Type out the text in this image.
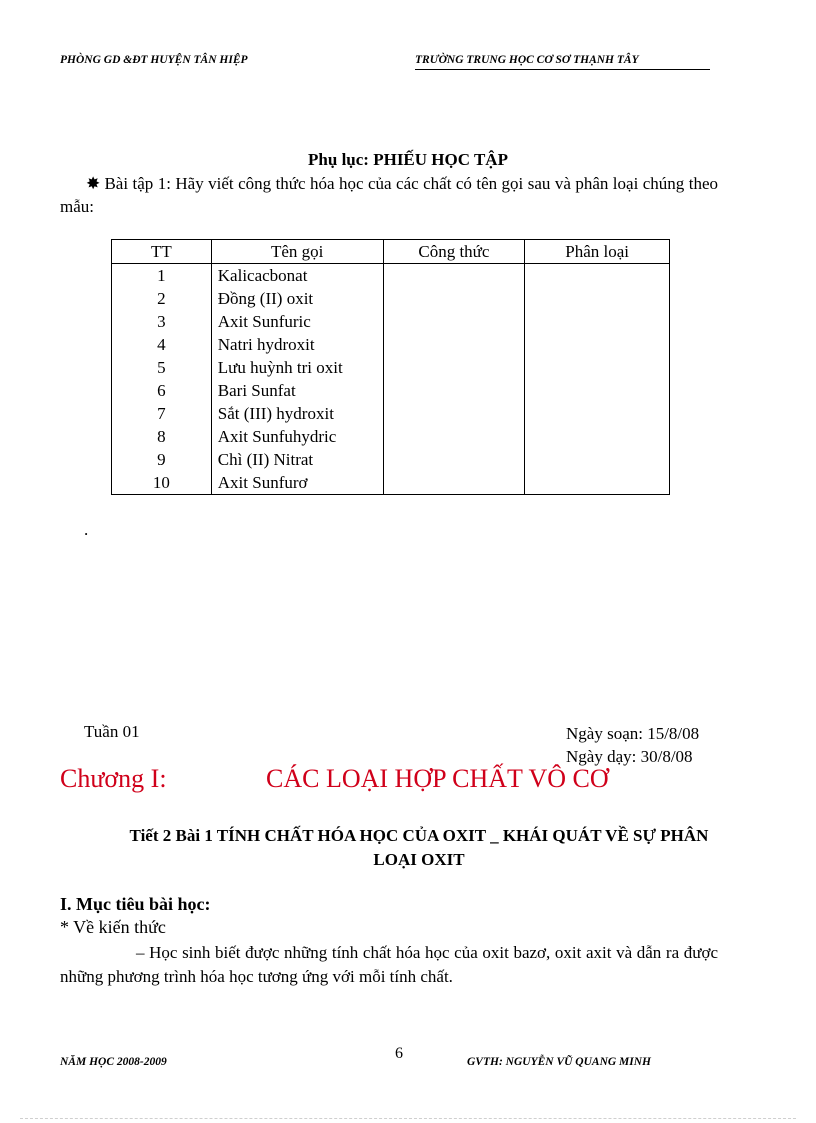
PHÒNG GD &ĐT HUYỆN TÂN HIỆP	TRƯỜNG TRUNG HỌC CƠ SƠ THẠNH TÂY
Phụ lục: PHIẾU HỌC TẬP
✸ Bài tập 1: Hãy viết công thức hóa học của các chất có tên gọi sau và phân loại chúng theo mẫu:
TT	Tên gọi	Công thức	Phân loại
1	Kalicacbonat		
2	Đồng (II) oxit		
3	Axit Sunfuric		
4	Natri hydroxit		
5	Lưu huỳnh tri oxit		
6	Bari Sunfat		
7	Sắt (III) hydroxit		
8	Axit Sunfuhydric		
9	Chì (II) Nitrat		
10	Axit Sunfurơ		
.
Tuần 01	Ngày soạn: 15/8/08
Ngày dạy: 30/8/08
Chương I:	CÁC LOẠI HỢP CHẤT VÔ CƠ
Tiết 2 Bài 1 TÍNH CHẤT HÓA HỌC CỦA OXIT _ KHÁI QUÁT VỀ SỰ PHÂN
LOẠI OXIT
I. Mục tiêu bài học:
* Về kiến thức
– Học sinh biết được những tính chất hóa học của oxit bazơ, oxit axit và dẫn ra được những phương trình hóa học tương ứng với mỗi tính chất.
NĂM HỌC 2008-2009	6	GVTH: NGUYỄN VŨ QUANG MINH
